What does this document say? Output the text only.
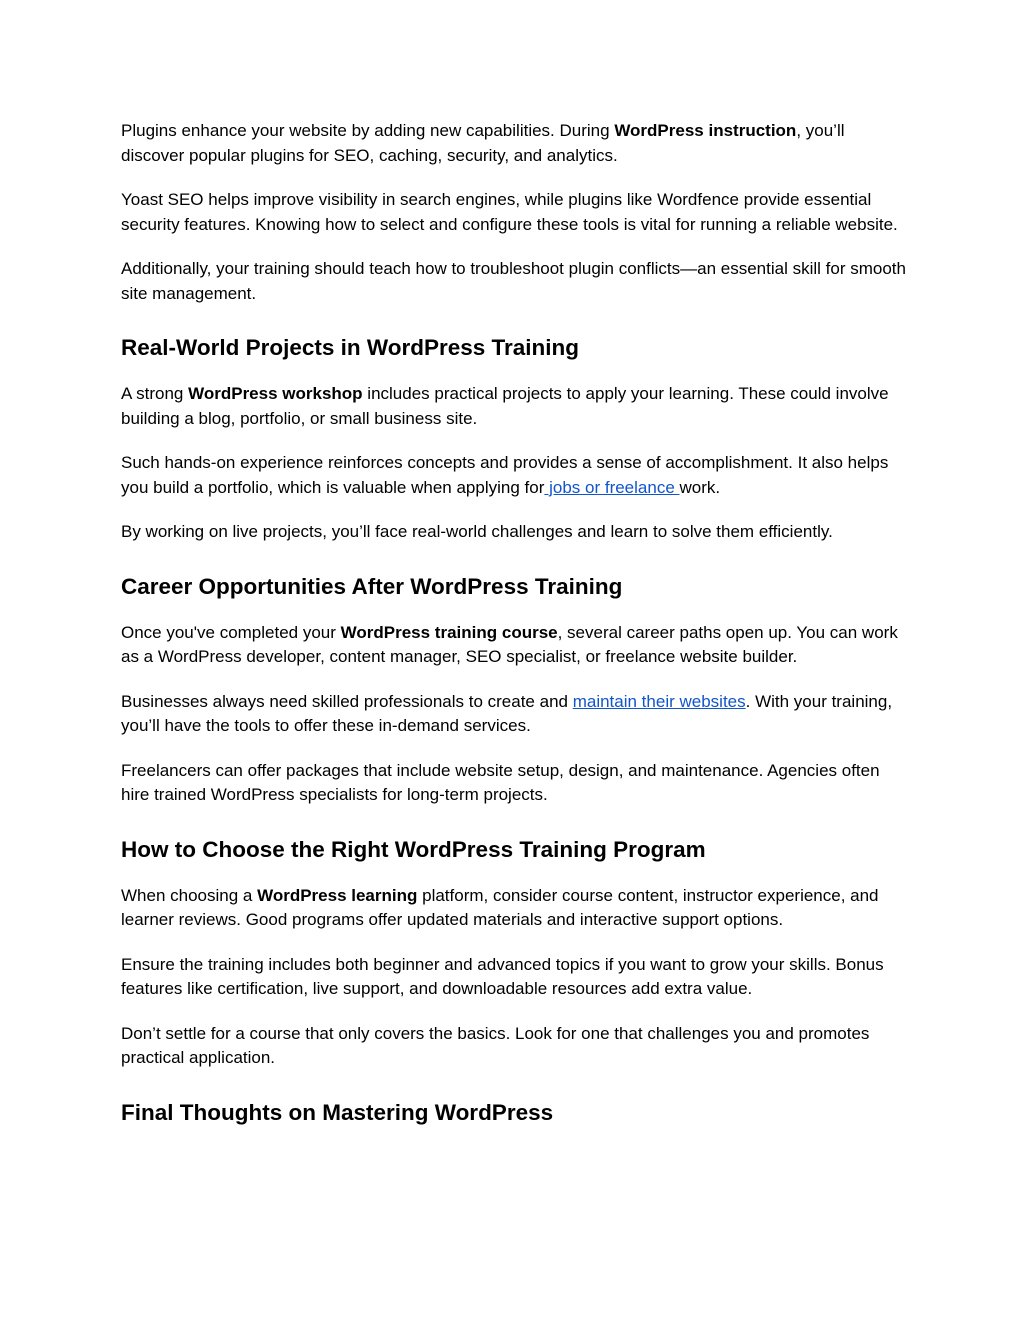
Plugins enhance your website by adding new capabilities. During WordPress instruction, you’ll discover popular plugins for SEO, caching, security, and analytics.

Yoast SEO helps improve visibility in search engines, while plugins like Wordfence provide essential security features. Knowing how to select and configure these tools is vital for running a reliable website.

Additionally, your training should teach how to troubleshoot plugin conflicts—an essential skill for smooth site management.

Real-World Projects in WordPress Training

A strong WordPress workshop includes practical projects to apply your learning. These could involve building a blog, portfolio, or small business site.

Such hands-on experience reinforces concepts and provides a sense of accomplishment. It also helps you build a portfolio, which is valuable when applying for jobs or freelance work.

By working on live projects, you’ll face real-world challenges and learn to solve them efficiently.

Career Opportunities After WordPress Training

Once you've completed your WordPress training course, several career paths open up. You can work as a WordPress developer, content manager, SEO specialist, or freelance website builder.

Businesses always need skilled professionals to create and maintain their websites. With your training, you’ll have the tools to offer these in-demand services.

Freelancers can offer packages that include website setup, design, and maintenance. Agencies often hire trained WordPress specialists for long-term projects.

How to Choose the Right WordPress Training Program

When choosing a WordPress learning platform, consider course content, instructor experience, and learner reviews. Good programs offer updated materials and interactive support options.

Ensure the training includes both beginner and advanced topics if you want to grow your skills. Bonus features like certification, live support, and downloadable resources add extra value.

Don’t settle for a course that only covers the basics. Look for one that challenges you and promotes practical application.

Final Thoughts on Mastering WordPress
